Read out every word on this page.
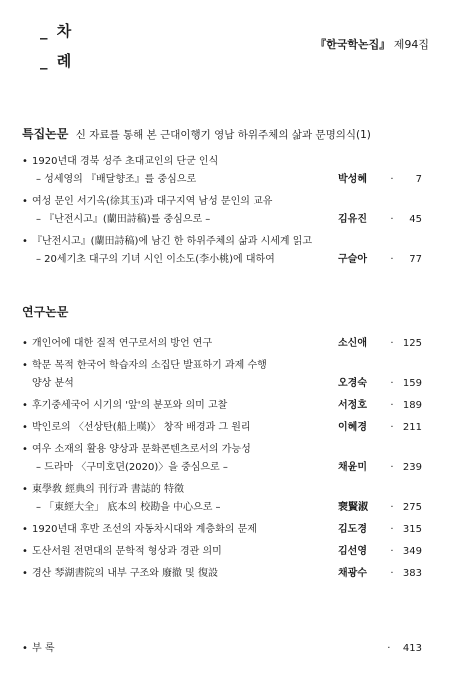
_ 차
_ 례
『한국학논집』 제94집
특집논문 신 자료를 통해 본 근대이행기 영남 하위주체의 삶과 문명의식(1)
• 1920년대 경북 성주 초대교인의 단군 인식
– 성세영의 『배달향조』를 중심으로	박성혜 · 7
• 여성 문인 서기옥(徐其玉)과 대구지역 남성 문인의 교유
– 『난전시고』(蘭田詩稿)를 중심으로 –	김유진 · 45
• 『난전시고』(蘭田詩稿)에 남긴 한 하위주체의 삶과 시세계 읽고
– 20세기초 대구의 기녀 시인 이소도(李小桃)에 대하여	구슬아 · 77
연구논문
• 개인어에 대한 질적 연구로서의 방언 연구	소신애 · 125
• 학문 목적 한국어 학습자의 소집단 발표하기 과제 수행
양상 분석	오경숙 · 159
• 후기중세국어 시기의 '앞'의 분포와 의미 고찰	서정호 · 189
• 박인로의 〈선상탄(船上嘆)〉 창작 배경과 그 원리	이혜경 · 211
• 여우 소재의 활용 양상과 문화콘텐츠로서의 가능성
– 드라마 〈구미호뎐(2020)〉을 중심으로 –	채윤미 · 239
• 東學敎 經典의 刊行과 書誌的 特徵
– 「東經大全」 底本의 校勘을 中心으로 –	裵賢淑 · 275
• 1920년대 후반 조선의 자동차시대와 계층화의 문제	김도경 · 315
• 도산서원 전면대의 문학적 형상과 경관 의미	김선영 · 349
• 경산 琴湖書院의 내부 구조와 廢撤 및 復設	채광수 · 383
• 부 록	· 413
